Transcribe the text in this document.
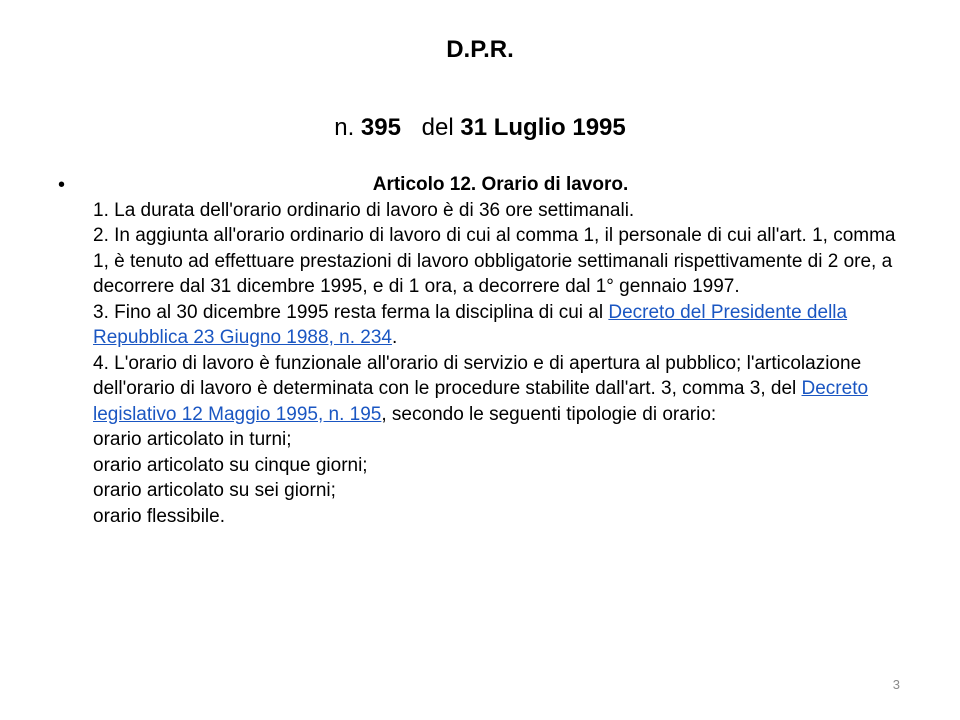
D.P.R.
n. 395 del 31 Luglio 1995
•	Articolo 12. Orario di lavoro.
1. La durata dell'orario ordinario di lavoro è di 36 ore settimanali.
2. In aggiunta all'orario ordinario di lavoro di cui al comma 1, il personale di cui all'art. 1, comma 1, è tenuto ad effettuare prestazioni di lavoro obbligatorie settimanali rispettivamente di 2 ore, a decorrere dal 31 dicembre 1995, e di 1 ora, a decorrere dal 1° gennaio 1997.
3. Fino al 30 dicembre 1995 resta ferma la disciplina di cui al Decreto del Presidente della Repubblica 23 Giugno 1988, n. 234.
4. L'orario di lavoro è funzionale all'orario di servizio e di apertura al pubblico; l'articolazione dell'orario di lavoro è determinata con le procedure stabilite dall'art. 3, comma 3, del Decreto legislativo 12 Maggio 1995, n. 195, secondo le seguenti tipologie di orario:
orario articolato in turni;
orario articolato su cinque giorni;
orario articolato su sei giorni;
orario flessibile.
3
